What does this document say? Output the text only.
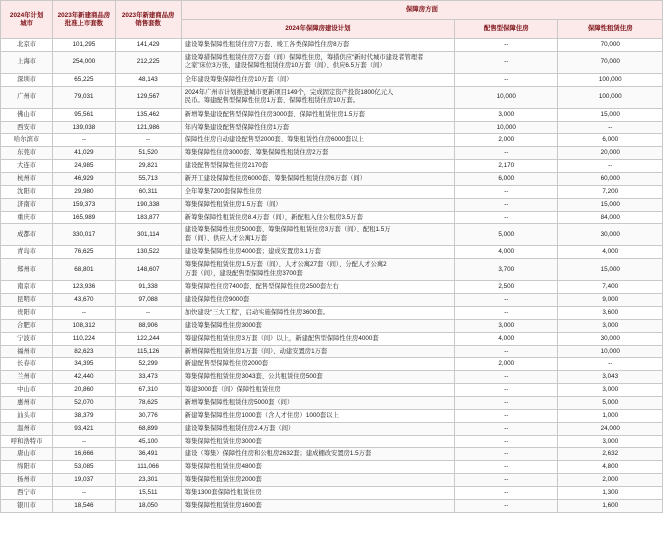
2024年计划
城市

2023年新建商品房
批准上市套数

2023年新建商品房
销售套数
	保障房方面
			2024年保障房建设计划	配售型保障住房	保障性租赁住房
北京市	101,295	141,429	建设筹集保障性租赁住房7万套、竣工各类保障性住房8万套	--	70,000
上海市	254,000	212,225	建设筹措保障性租赁住房7万套（间）保障性住房，筹措供应“新时代城市建设者管理者
之家”床位3万张，建设保障性租赁住房10万套（间）、供应6.5万套（间）	--	70,000
深圳市	65,225	48,143	全年建设筹集保障性住房10万套（间）	--	100,000
广州市	79,031	129,567	2024年广州市计划推进城市更新项目149个，完成固定资产投资1800亿元人
民币。筹建配售型保障性住房1万套、保障性租赁住房10万套。	10,000	100,000
佛山市	95,561	135,462	新增筹集建设配售型保障性住房3000套、保障性租赁住房1.5万套	3,000	15,000
西安市	139,038	121,986	年内筹集建设配售型保障性住房1万套	10,000	--
哈尔滨市	--	--	保障性住房自动建设配售型2000套、筹集租赁性住房6000套以上	2,000	6,000
东莞市	41,029	51,520	筹集保障性住房3000套、筹集保障性租赁住房2万套	--	20,000
大连市	24,985	29,821	建设配售型保障性住房2170套	2,170	--
杭州市	46,929	55,713	新开工建设保障性住房6000套、筹集保障性租赁住房6万套（间）	6,000	60,000
沈阳市	29,980	60,311	全年筹集7200套保障性住房	--	7,200
济南市	159,373	190,338	筹集保障性租赁住房1.5万套（间）	--	15,000
重庆市	165,989	183,877	新筹集保障性租赁住房8.4万套（间），新配租入住公租房3.5万套	--	84,000
成都市	330,017	301,114	建设筹集保障性住房5000套、筹集保障性租赁住房3万套（间）、配租1.5万
套（间）、供应人才公寓1万套	5,000	30,000
青岛市	76,625	130,522	建设筹集保障性住房4000套；建成安置房3.1万套	4,000	4,000
郑州市	68,801	148,607	筹集保障性租赁住房1.5万套（间）、人才公寓27套（间）、分配人才公寓2
万套（间），建设配售型保障性住房3700套	3,700	15,000
南京市	123,936	91,338	筹集保障性住房7400套、配售型保障性住房2500套左右	2,500	7,400
昆明市	43,670	97,088	建设保障性住房9000套	--	9,000
贵阳市	--	--	加快建设“三大工程”，启动实施保障性住房3600套。	--	3,600
合肥市	108,312	88,906	建设筹集保障性住房3000套	3,000	3,000
宁波市	110,224	122,244	筹建保障性租赁住房3万套（间）以上，新建配售型保障性住房4000套	4,000	30,000
福州市	82,623	115,126	新增保障性租赁住房1万套（间）、动建安置房1万套	--	10,000
长春市	34,395	52,299	新建配售型保障性住房2000套	2,000	--
兰州市	42,440	33,473	筹集保障性租赁住房3043套、公共租赁住房500套	--	3,043
中山市	20,860	67,310	筹建3000套（间）保障性租赁住房	--	3,000
惠州市	52,070	78,625	新增筹集保障性租赁住房5000套（间）	--	5,000
汕头市	38,379	30,776	新建筹集保障性住房1000套（含人才住房）1000套以上	--	1,000
温州市	93,421	68,899	建设筹集保障性租赁住房2.4万套（间）	--	24,000
呼和浩特市	--	45,100	筹集保障性租赁住房3000套	--	3,000
唐山市	16,666	36,491	建设（筹集）保障性住房和公租房2632套；建成棚改安置房1.5万套	--	2,632
绵阳市	53,085	111,066	筹集保障性租赁住房4800套	--	4,800
扬州市	19,037	23,301	筹集保障性租赁住房2000套	--	2,000
西宁市	--	15,511	筹集1300套保障性租赁住房	--	1,300
银川市	18,546	18,050	筹集保障性租赁住房1600套	--	1,600
